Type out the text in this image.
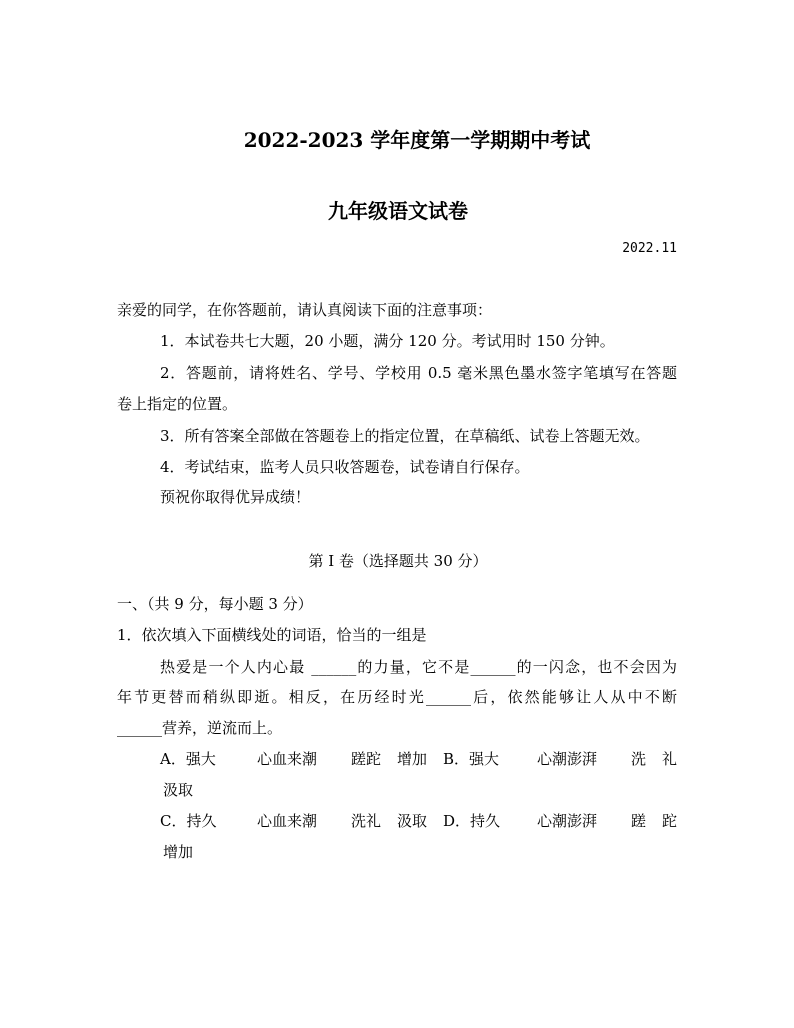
2022-2023 学年度第一学期期中考试
九年级语文试卷
2022.11
亲爱的同学，在你答题前，请认真阅读下面的注意事项：
1．本试卷共七大题，20 小题，满分 120 分。考试用时 150 分钟。
2．答题前，请将姓名、学号、学校用 0.5 毫米黑色墨水签字笔填写在答题
卷上指定的位置。
3．所有答案全部做在答题卷上的指定位置，在草稿纸、试卷上答题无效。
4．考试结束，监考人员只收答题卷，试卷请自行保存。
预祝你取得优异成绩！
第 I 卷（选择题共 30 分）
一、（共 9 分，每小题 3 分）
1．依次填入下面横线处的词语，恰当的一组是
热爱是一个人内心最 ______的力量，它不是______的一闪念，也不会因为
年节更替而稍纵即逝。相反，在历经时光______后，依然能够让人从中不断
______营养，逆流而上。
A．强大	心血来潮 蹉跎 增加 B．强大	心潮澎湃 洗礼
汲取
C．持久	心血来潮 洗礼 汲取 D．持久 心潮澎湃 蹉跎
增加
